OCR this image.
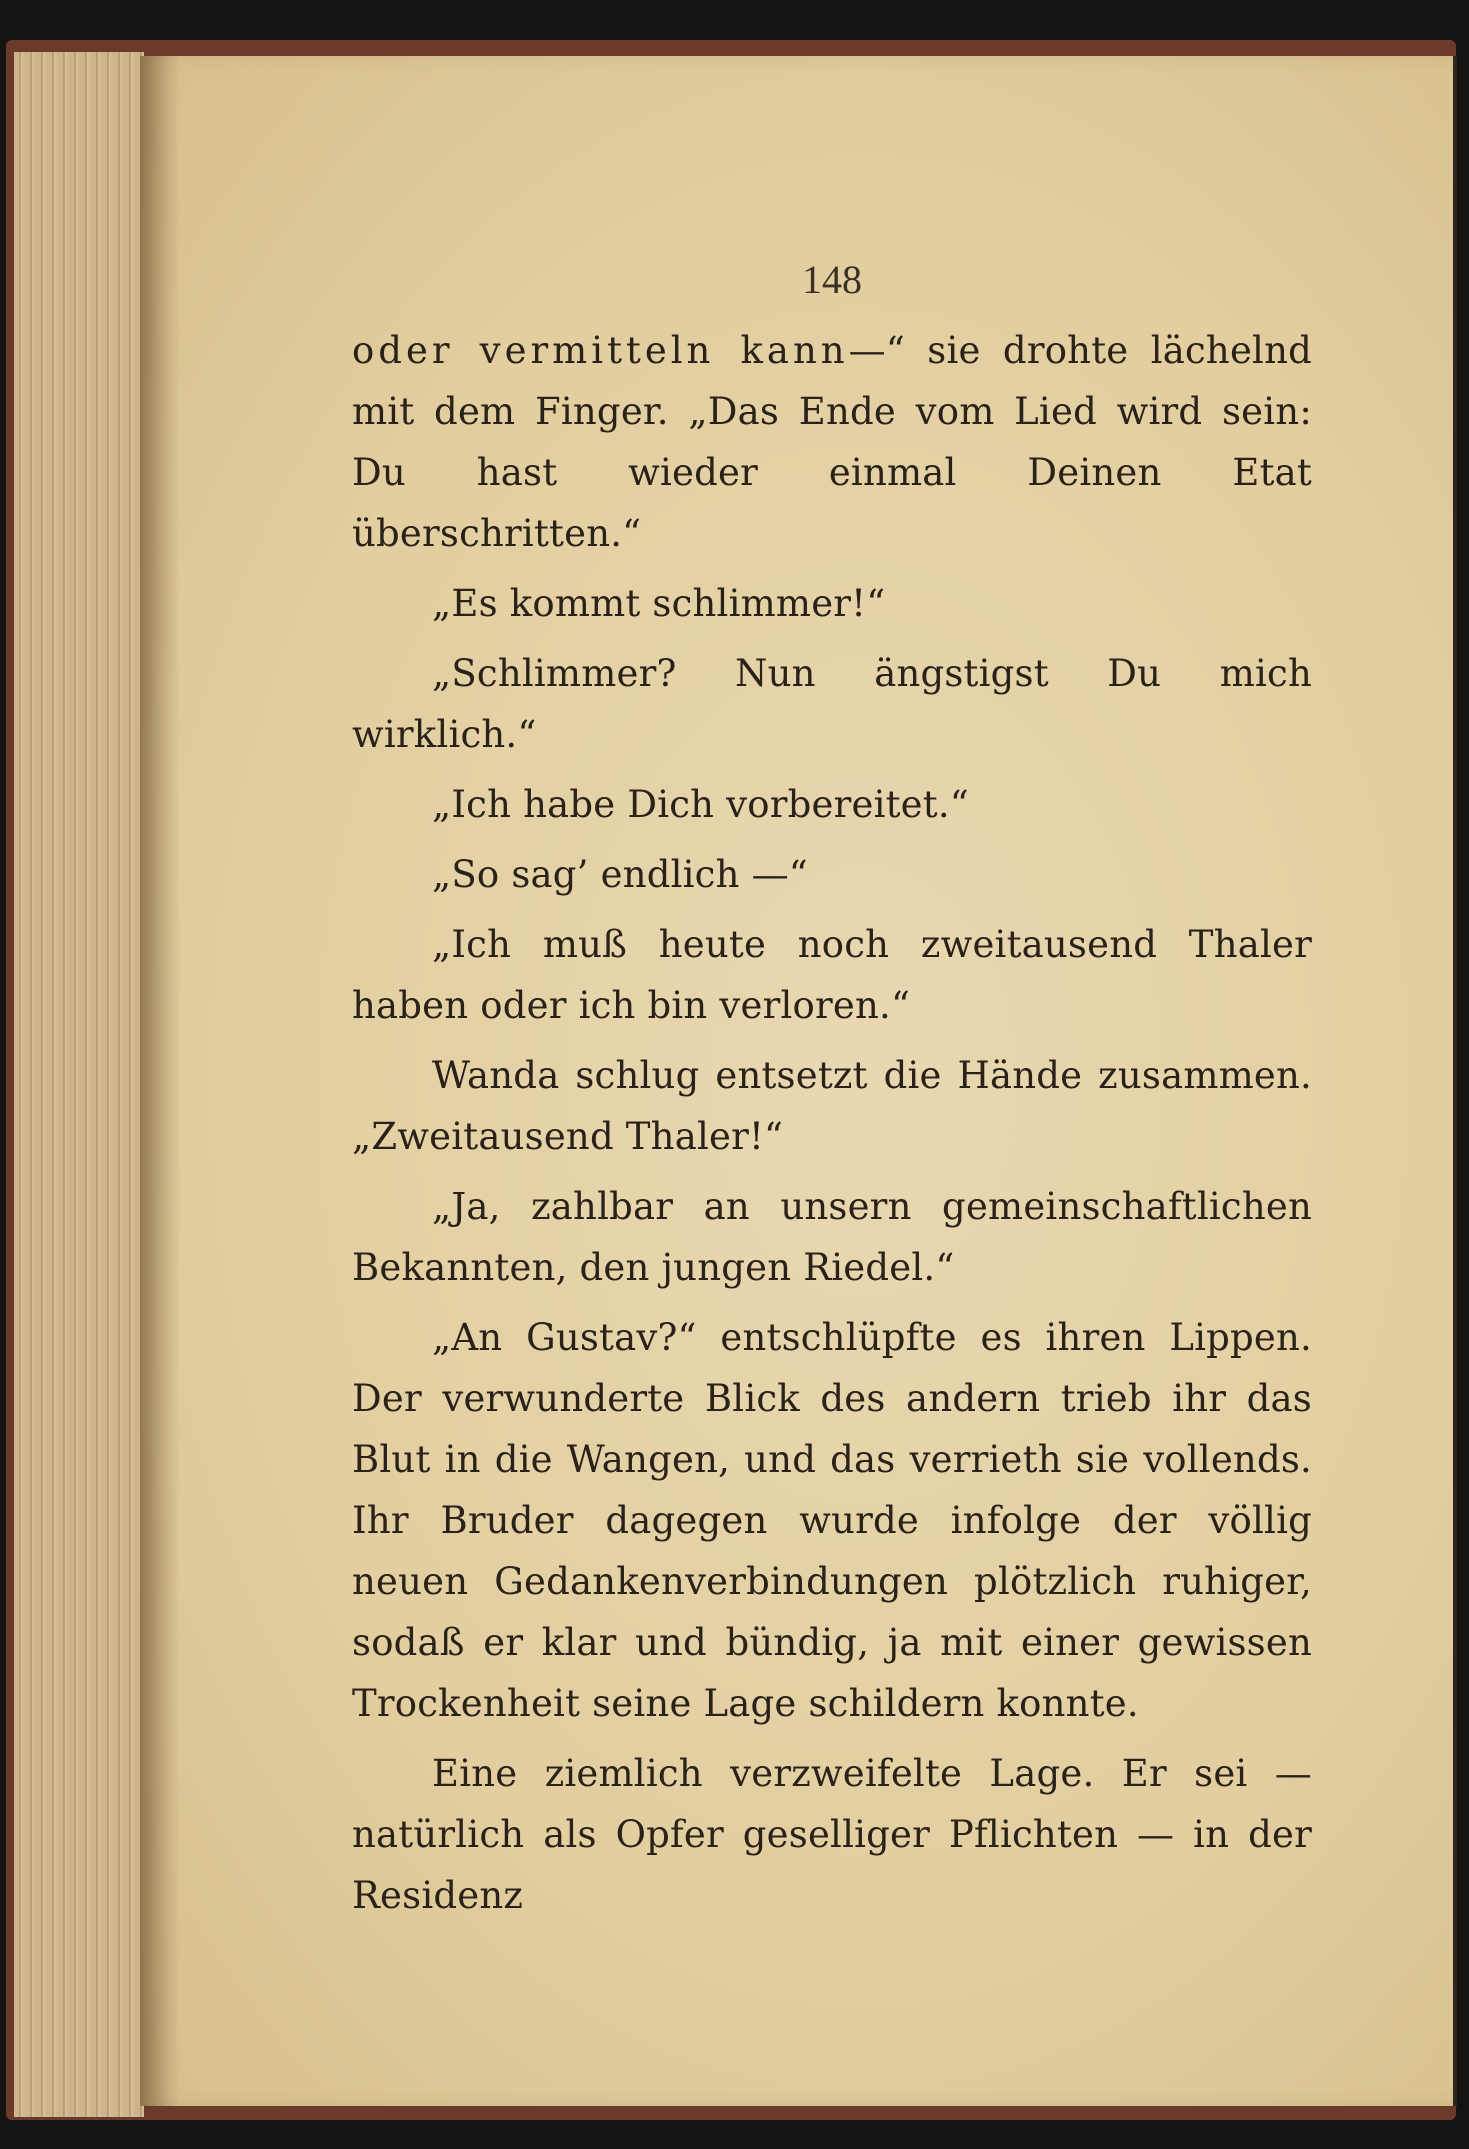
148

oder vermitteln kann—“ sie drohte lächelnd mit dem Finger. „Das Ende vom Lied wird sein: Du hast wieder einmal Deinen Etat überschritten.“

„Es kommt schlimmer!“

„Schlimmer? Nun ängstigst Du mich wirklich.“

„Ich habe Dich vorbereitet.“

„So sag’ endlich —“

„Ich muß heute noch zweitausend Thaler haben oder ich bin verloren.“

Wanda schlug entsetzt die Hände zusammen. „Zweitausend Thaler!“

„Ja, zahlbar an unsern gemeinschaftlichen Bekannten, den jungen Riedel.“

„An Gustav?“ entschlüpfte es ihren Lippen. Der verwunderte Blick des andern trieb ihr das Blut in die Wangen, und das verrieth sie vollends. Ihr Bruder dagegen wurde infolge der völlig neuen Gedankenverbindungen plötzlich ruhiger, sodaß er klar und bündig, ja mit einer gewissen Trockenheit seine Lage schildern konnte.

Eine ziemlich verzweifelte Lage. Er sei — natürlich als Opfer geselliger Pflichten — in der Residenz
